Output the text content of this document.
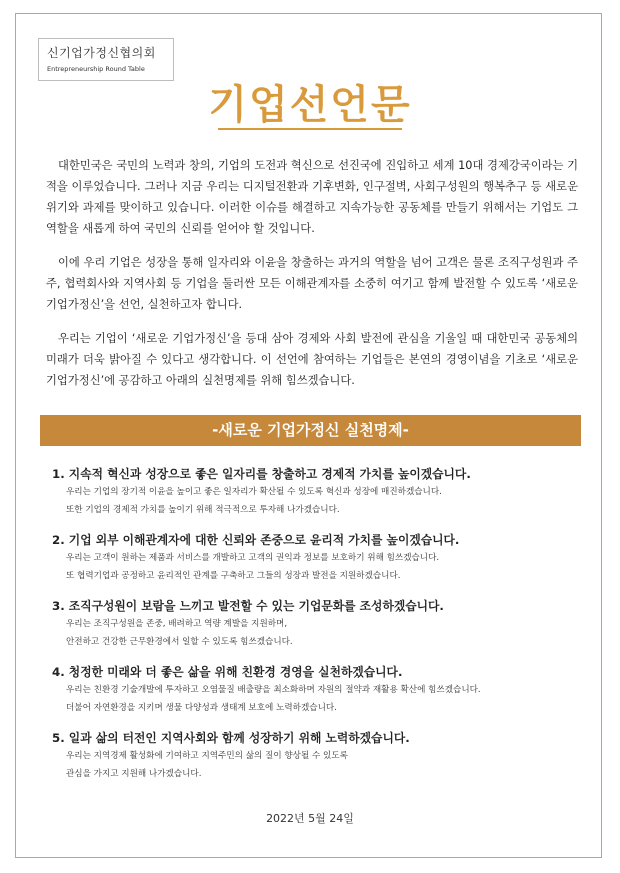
신기업가정신협의회
Entrepreneurship Round Table
기업선언문

대한민국은 국민의 노력과 창의, 기업의 도전과 혁신으로 선진국에 진입하고 세계 10대 경제강국이라는 기적을 이루었습니다. 그러나 지금 우리는 디지털전환과 기후변화, 인구절벽, 사회구성원의 행복추구 등 새로운 위기와 과제를 맞이하고 있습니다. 이러한 이슈를 해결하고 지속가능한 공동체를 만들기 위해서는 기업도 그 역할을 새롭게 하여 국민의 신뢰를 얻어야 할 것입니다.

이에 우리 기업은 성장을 통해 일자리와 이윤을 창출하는 과거의 역할을 넘어 고객은 물론 조직구성원과 주주, 협력회사와 지역사회 등 기업을 둘러싼 모든 이해관계자를 소중히 여기고 함께 발전할 수 있도록 ‘새로운 기업가정신’을 선언, 실천하고자 합니다.

우리는 기업이 ‘새로운 기업가정신’을 등대 삼아 경제와 사회 발전에 관심을 기울일 때 대한민국 공동체의 미래가 더욱 밝아질 수 있다고 생각합니다. 이 선언에 참여하는 기업들은 본연의 경영이념을 기초로 ‘새로운 기업가정신’에 공감하고 아래의 실천명제를 위해 힘쓰겠습니다.

-새로운 기업가정신 실천명제-
1. 지속적 혁신과 성장으로 좋은 일자리를 창출하고 경제적 가치를 높이겠습니다.
우리는 기업의 장기적 이윤을 높이고 좋은 일자리가 확산될 수 있도록 혁신과 성장에 매진하겠습니다.
또한 기업의 경제적 가치를 높이기 위해 적극적으로 투자해 나가겠습니다.
2. 기업 외부 이해관계자에 대한 신뢰와 존중으로 윤리적 가치를 높이겠습니다.
우리는 고객이 원하는 제품과 서비스를 개발하고 고객의 권익과 정보를 보호하기 위해 힘쓰겠습니다.
또 협력기업과 공정하고 윤리적인 관계를 구축하고 그들의 성장과 발전을 지원하겠습니다.
3. 조직구성원이 보람을 느끼고 발전할 수 있는 기업문화를 조성하겠습니다.
우리는 조직구성원을 존중, 배려하고 역량 계발을 지원하며,
안전하고 건강한 근무환경에서 일할 수 있도록 힘쓰겠습니다.
4. 청정한 미래와 더 좋은 삶을 위해 친환경 경영을 실천하겠습니다.
우리는 친환경 기술개발에 투자하고 오염물질 배출량을 최소화하며 자원의 절약과 재활용 확산에 힘쓰겠습니다.
더불어 자연환경을 지키며 생물 다양성과 생태계 보호에 노력하겠습니다.
5. 일과 삶의 터전인 지역사회와 함께 성장하기 위해 노력하겠습니다.
우리는 지역경제 활성화에 기여하고 지역주민의 삶의 질이 향상될 수 있도록
관심을 가지고 지원해 나가겠습니다.
2022년 5월 24일
